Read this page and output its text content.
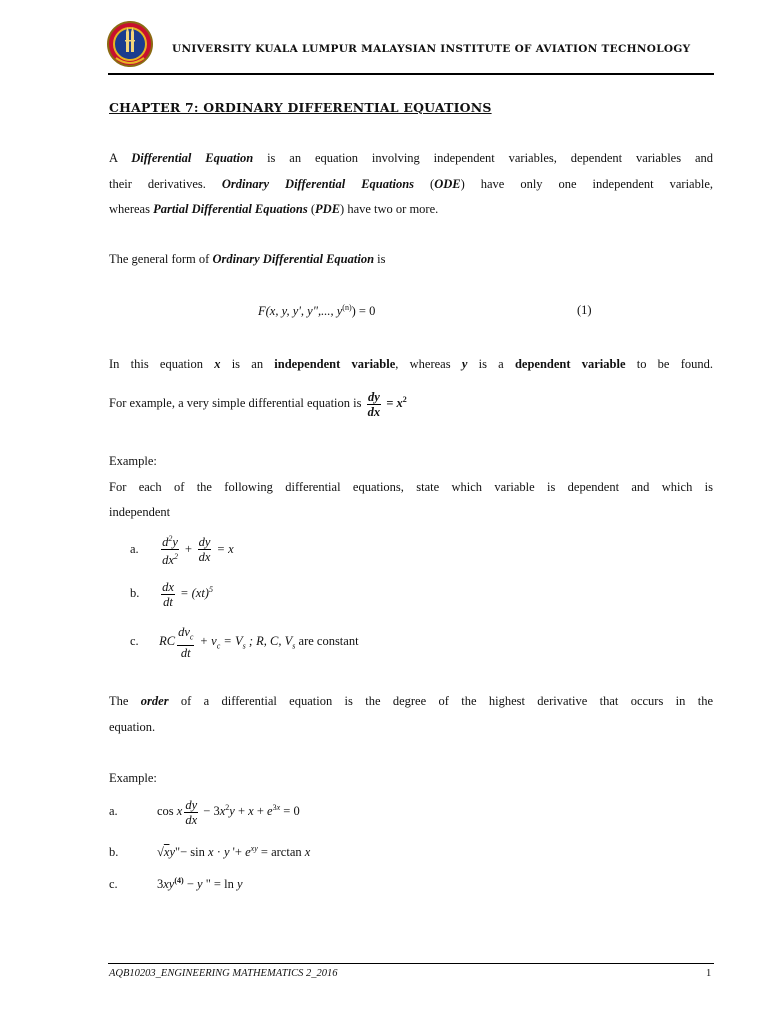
UNIVERSITY KUALA LUMPUR MALAYSIAN INSTITUTE OF AVIATION TECHNOLOGY
CHAPTER 7: ORDINARY DIFFERENTIAL EQUATIONS
A Differential Equation is an equation involving independent variables, dependent variables and
their derivatives. Ordinary Differential Equations (ODE) have only one independent variable,
whereas Partial Differential Equations (PDE) have two or more.
The general form of Ordinary Differential Equation is
F(x, y, y', y",..., $y^{(n)}) = 0$	(1)
In this equation x is an independent variable, whereas y is a dependent variable to be found.
For example, a very simple differential equation is $\frac{dy}{dx} = x^2$
Example:
For each of the following differential equations, state which variable is dependent and which is
independent
a. $\frac{d^2y}{dx^2} + \frac{dy}{dx} = x$
b. $\frac{dx}{dt} = (xt)^5$
c. RC $\frac{dv_c}{dt} + v_c = V_s$ ; R, C, $V_s$ are constant
The order of a differential equation is the degree of the highest derivative that occurs in the
equation.
Example:
a.	cos x $\frac{dy}{dx} - 3x^2y + x + e^{3x} = 0$
b.	√xy"− sin x · y '+ $e^{xy} = \arctan x$
c.	$3xy^{(4)} - y$ " = ln y
AQB10203_ENGINEERING MATHEMATICS 2_2016	1
